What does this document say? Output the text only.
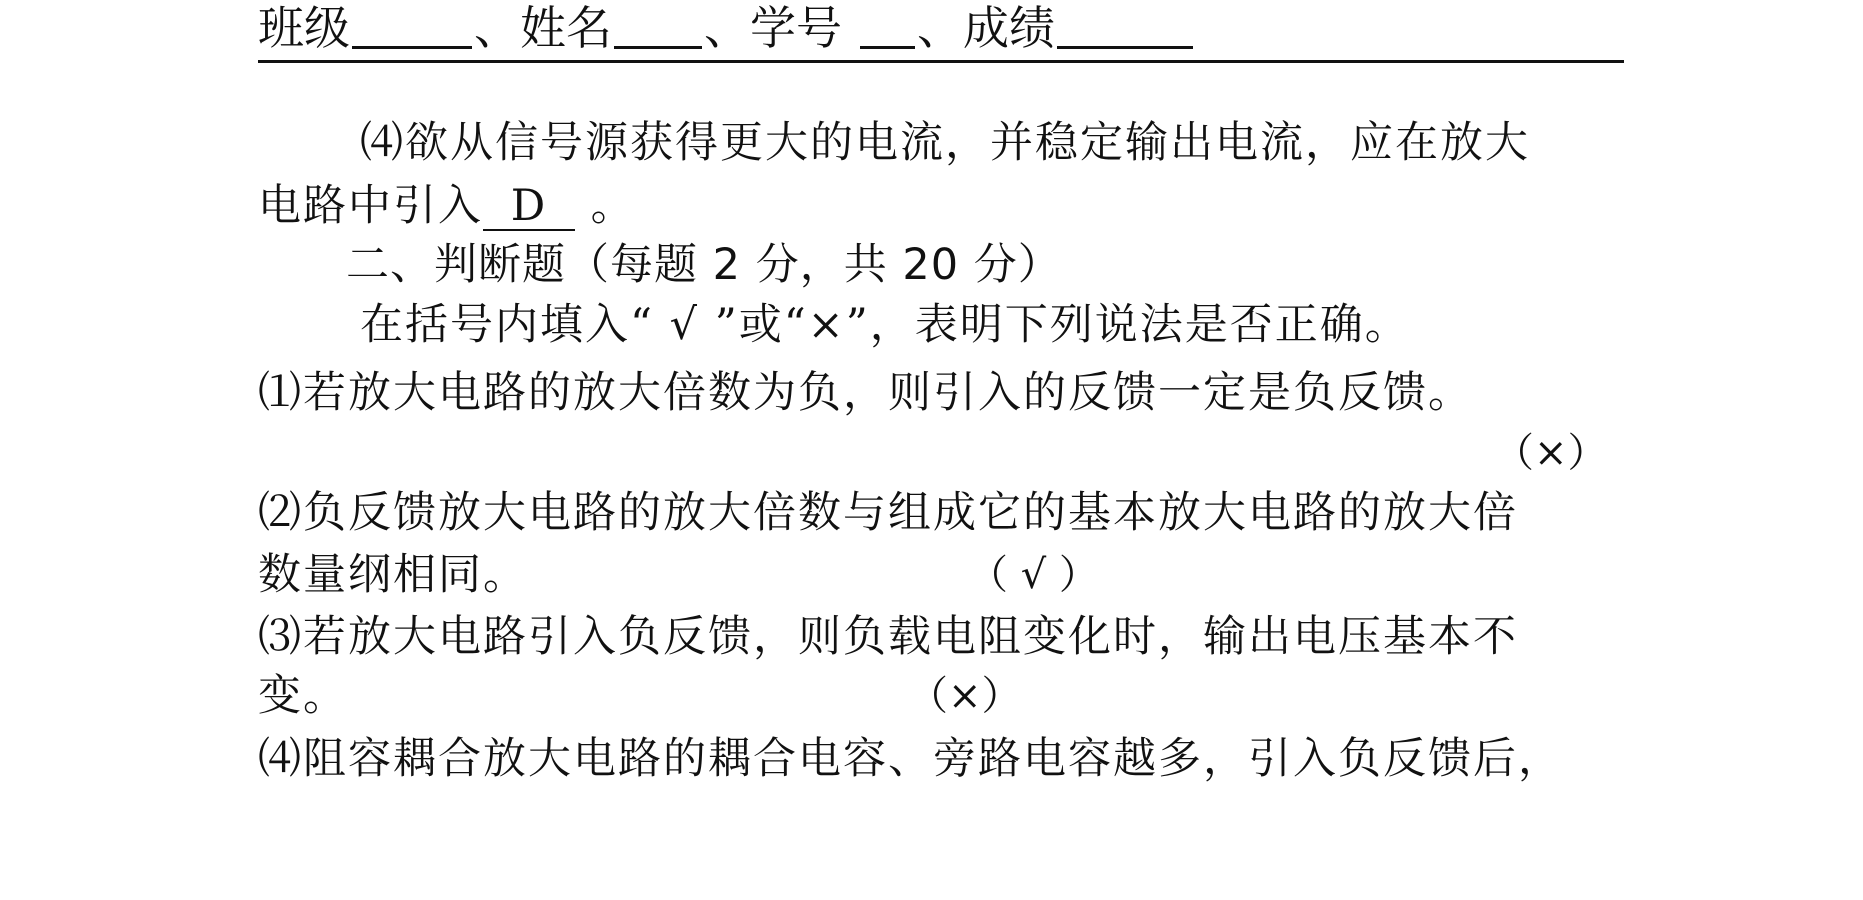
班级	、姓名 、学号 、成绩
⑷欲从信号源获得更大的电流，并稳定输出电流，应在放大
电路中引入 D 。
二、判断题（每题 2 分，共 20 分）
在括号内填入“ √ ”或“×”，表明下列说法是否正确。
⑴若放大电路的放大倍数为负，则引入的反馈一定是负反馈。
（×）
⑵负反馈放大电路的放大倍数与组成它的基本放大电路的放大倍
数量纲相同。	（ √ ）
⑶若放大电路引入负反馈，则负载电阻变化时，输出电压基本不
变。	（×）
⑷阻容耦合放大电路的耦合电容、旁路电容越多，引入负反馈后，
